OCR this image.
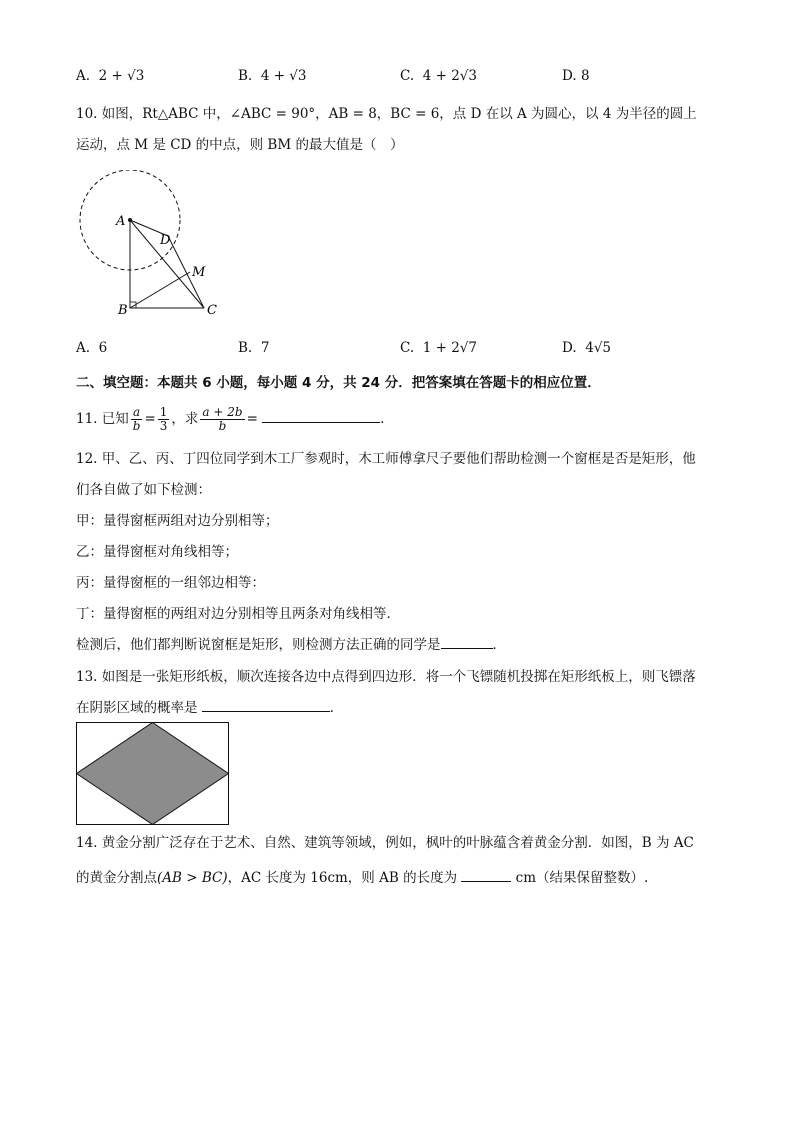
A. 2 + √3	B. 4 + √3	C. 4 + 2√3	D. 8
10. 如图，Rt△ABC 中，∠ABC = 90°，AB = 8，BC = 6，点 D 在以 A 为圆心，以 4 为半径的圆上
运动，点 M 是 CD 的中点，则 BM 的最大值是（　）
A
B	C
D
M
A. 6	B. 7	C. 1 + 2√7	D. 4√5
二、填空题：本题共 6 小题，每小题 4 分，共 24 分．把答案填在答题卡的相应位置．
11. 已知 $\frac{a}{b} = \frac{1}{3}$ ，求 $\frac{a + 2b}{b}$ =	.
12. 甲、乙、丙、丁四位同学到木工厂参观时，木工师傅拿尺子要他们帮助检测一个窗框是否是矩形，他
们各自做了如下检测：
甲：量得窗框两组对边分别相等；
乙：量得窗框对角线相等；
丙：量得窗框的一组邻边相等：
丁：量得窗框的两组对边分别相等且两条对角线相等．
检测后，他们都判断说窗框是矩形，则检测方法正确的同学是	．
13. 如图是一张矩形纸板，顺次连接各边中点得到四边形．将一个飞镖随机投掷在矩形纸板上，则飞镖落
在阴影区域的概率是	．
14. 黄金分割广泛存在于艺术、自然、建筑等领域，例如，枫叶的叶脉蕴含着黄金分割．如图，B 为 AC
的黄金分割点(AB > BC)，AC 长度为 16cm，则 AB 的长度为	cm（结果保留整数）.
